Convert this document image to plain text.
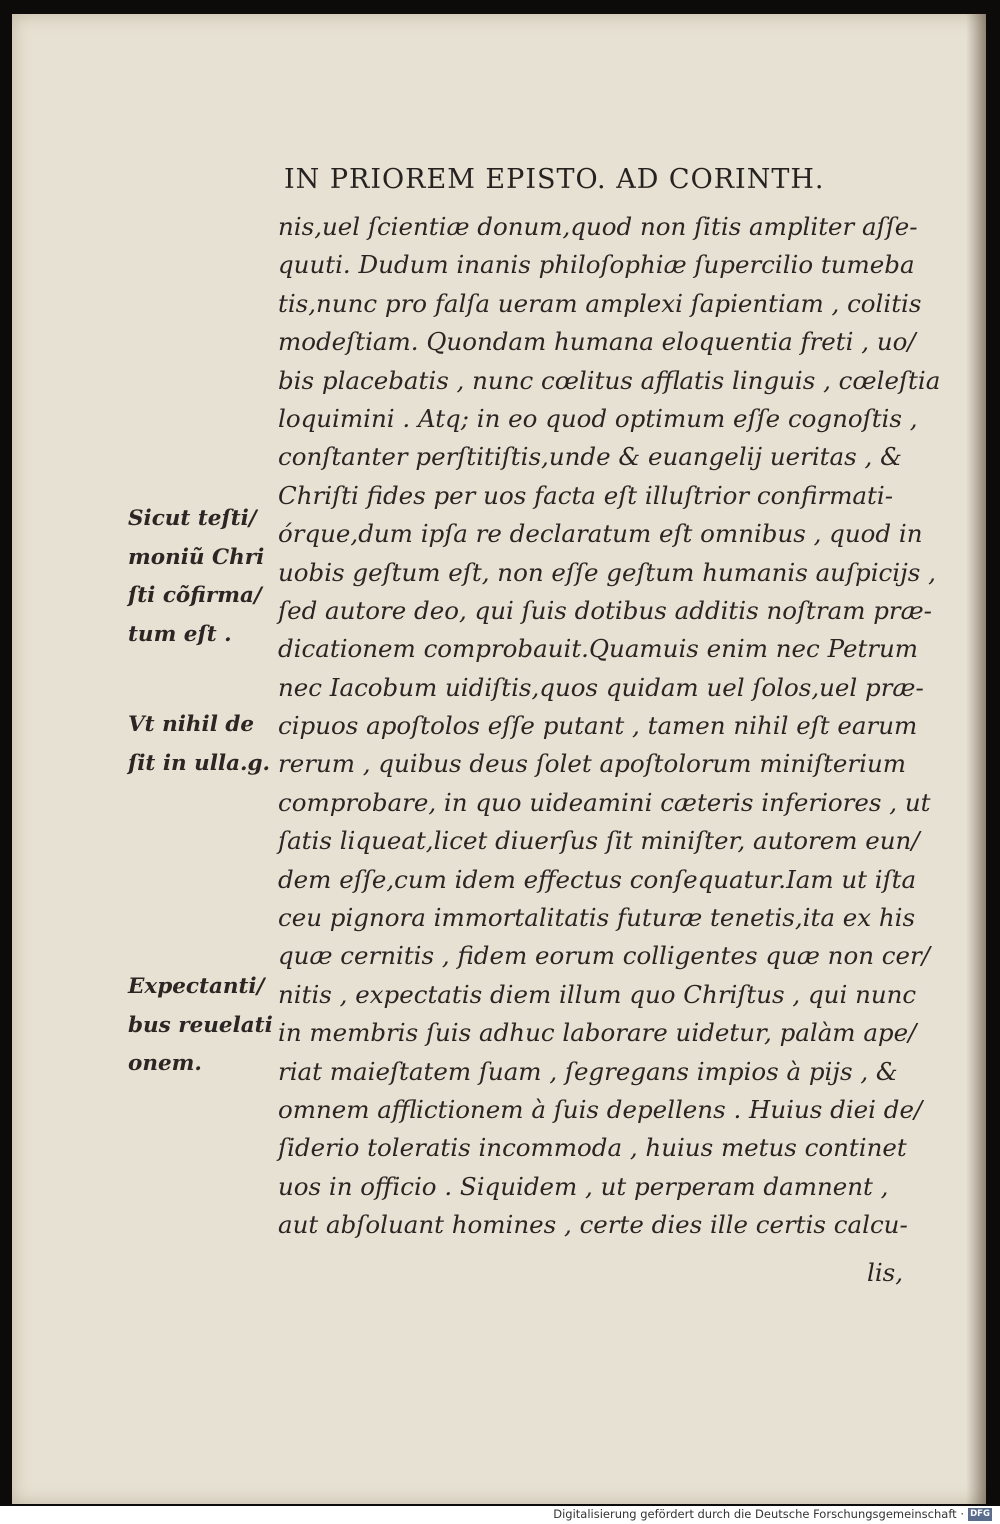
IN PRIOREM EPISTO. AD CORINTH.
nis,uel ſcientiæ donum,quod non ſitis ampliter aſſe-
quuti. Dudum inanis philoſophiæ ſupercilio tumeba
tis,nunc pro falſa ueram amplexi ſapientiam , colitis
modeſtiam. Quondam humana eloquentia freti , uo/
bis placebatis , nunc cœlitus afflatis linguis , cœleſtia
loquimini . Atq; in eo quod optimum eſſe cognoſtis ,
conſtanter perſtitiſtis,unde & euangelij ueritas , &
Chriſti fides per uos facta eſt illuſtrior confirmati-
órque,dum ipſa re declaratum eſt omnibus , quod in
uobis geſtum eſt, non eſſe geſtum humanis auſpicijs ,
ſed autore deo, qui ſuis dotibus additis noſtram præ-
dicationem comprobauit.Quamuis enim nec Petrum
nec Iacobum uidiſtis,quos quidam uel ſolos,uel præ-
cipuos apoſtolos eſſe putant , tamen nihil eſt earum
rerum , quibus deus ſolet apoſtolorum miniſterium
comprobare, in quo uideamini cæteris inferiores , ut
ſatis liqueat,licet diuerſus ſit miniſter, autorem eun/
dem eſſe,cum idem effectus conſequatur.Iam ut iſta
ceu pignora immortalitatis futuræ tenetis,ita ex his
quæ cernitis , fidem eorum colligentes quæ non cer/
nitis , expectatis diem illum quo Chriſtus , qui nunc
in membris ſuis adhuc laborare uidetur, palàm ape/
riat maieſtatem ſuam , ſegregans impios à pijs , &
omnem afflictionem à ſuis depellens . Huius diei de/
ſiderio toleratis incommoda , huius metus continet
uos in officio . Siquidem , ut perperam damnent ,
aut abſoluant homines , certe dies ille certis calcu-
lis,
Sicut teſti/
moniũ Chri
ſti cõfirma/
tum eſt .
Vt nihil de
ſit in ulla.g.
Expectanti/
bus reuelati
onem.
Digitalisierung gefördert durch die Deutsche Forschungsgemeinschaft · DFG
